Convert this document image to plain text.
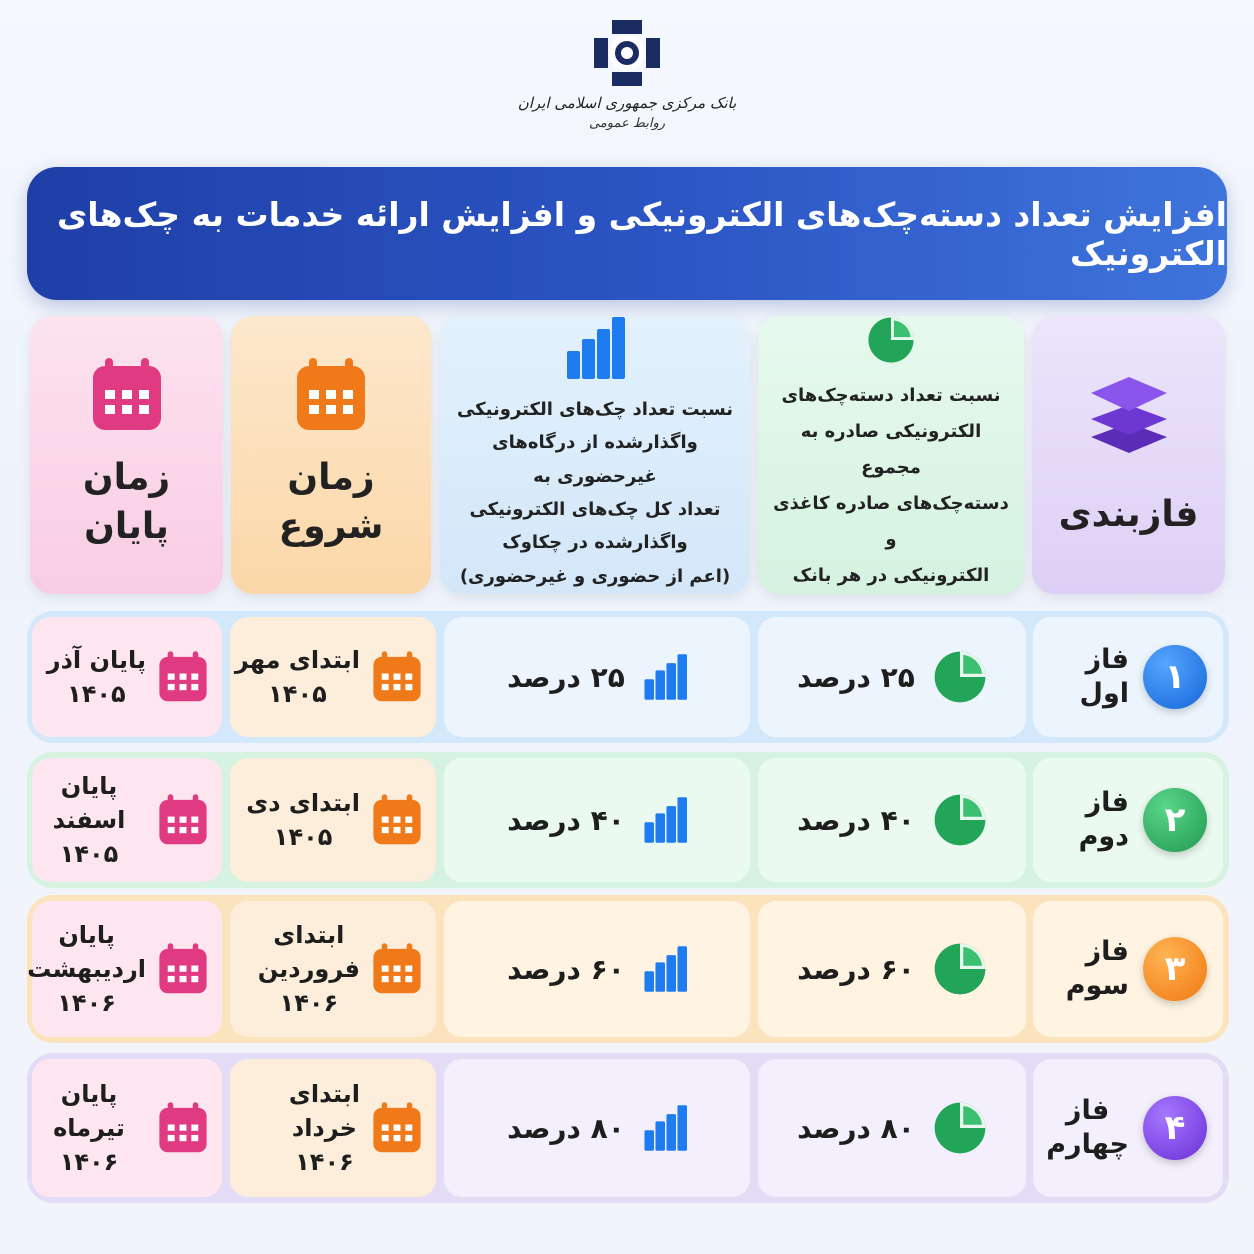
بانک مرکزی جمهوری اسلامی ایران
روابط عمومی
افزایش تعداد دسته‌چک‌های الکترونیکی و افزایش ارائه خدمات به چک‌های الکترونیک
فازبندی
نسبت تعداد دسته‌چک‌های
الکترونیکی صادره به مجموع
دسته‌چک‌های صادره کاغذی و
الکترونیکی در هر بانک
نسبت تعداد چک‌های الکترونیکی
واگذارشده از درگاه‌های غیرحضوری به
تعداد کل چک‌های الکترونیکی
واگذارشده در چکاوک
(اعم از حضوری و غیرحضوری)
زمان
شروع
زمان
پایان
۱
فاز اول
۲۵ درصد
۲۵ درصد
ابتدای مهر
۱۴۰۵
پایان آذر
۱۴۰۵
۲
فاز دوم
۴۰ درصد
۴۰ درصد
ابتدای دی
۱۴۰۵
پایان اسفند
۱۴۰۵
۳
فاز سوم
۶۰ درصد
۶۰ درصد
ابتدای
فروردین
۱۴۰۶
پایان
اردیبهشت
۱۴۰۶
۴
فاز
چهارم
۸۰ درصد
۸۰ درصد
ابتدای
خرداد
۱۴۰۶
پایان تیرماه
۱۴۰۶
